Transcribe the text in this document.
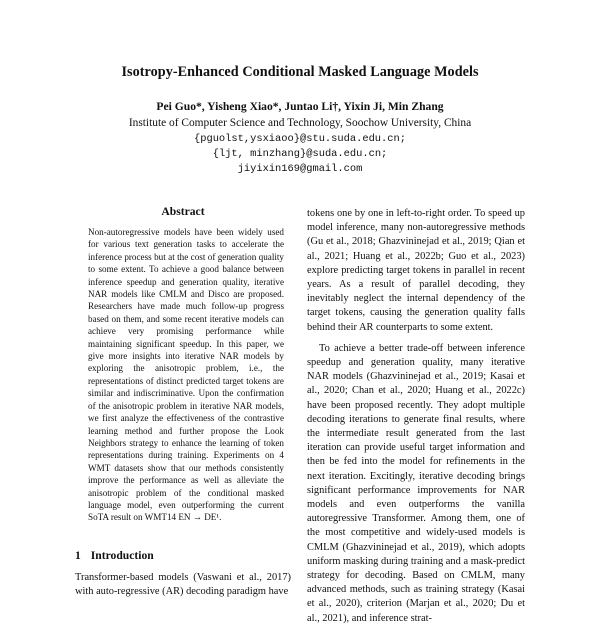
Isotropy-Enhanced Conditional Masked Language Models
Pei Guo*, Yisheng Xiao*, Juntao Li†, Yixin Ji, Min Zhang
Institute of Computer Science and Technology, Soochow University, China
{pguolst,ysxiaoo}@stu.suda.edu.cn;
{ljt, minzhang}@suda.edu.cn;
jiyixin169@gmail.com
Abstract
Non-autoregressive models have been widely used for various text generation tasks to accelerate the inference process but at the cost of generation quality to some extent. To achieve a good balance between inference speedup and generation quality, iterative NAR models like CMLM and Disco are proposed. Researchers have made much follow-up progress based on them, and some recent iterative models can achieve very promising performance while maintaining significant speedup. In this paper, we give more insights into iterative NAR models by exploring the anisotropic problem, i.e., the representations of distinct predicted target tokens are similar and indiscriminative. Upon the confirmation of the anisotropic problem in iterative NAR models, we first analyze the effectiveness of the contrastive learning method and further propose the Look Neighbors strategy to enhance the learning of token representations during training. Experiments on 4 WMT datasets show that our methods consistently improve the performance as well as alleviate the anisotropic problem of the conditional masked language model, even outperforming the current SoTA result on WMT14 EN → DE¹.
1 Introduction
Transformer-based models (Vaswani et al., 2017) with auto-regressive (AR) decoding paradigm have

tokens one by one in left-to-right order. To speed up model inference, many non-autoregressive methods (Gu et al., 2018; Ghazvininejad et al., 2019; Qian et al., 2021; Huang et al., 2022b; Guo et al., 2023) explore predicting target tokens in parallel in recent years. As a result of parallel decoding, they inevitably neglect the internal dependency of the target tokens, causing the generation quality falls behind their AR counterparts to some extent.

To achieve a better trade-off between inference speedup and generation quality, many iterative NAR models (Ghazvininejad et al., 2019; Kasai et al., 2020; Chan et al., 2020; Huang et al., 2022c) have been proposed recently. They adopt multiple decoding iterations to generate final results, where the intermediate result generated from the last iteration can provide useful target information and then be fed into the model for refinements in the next iteration. Excitingly, iterative decoding brings significant performance improvements for NAR models and even outperforms the vanilla autoregressive Transformer. Among them, one of the most competitive and widely-used models is CMLM (Ghazvininejad et al., 2019), which adopts uniform masking during training and a mask-predict strategy for decoding. Based on CMLM, many advanced methods, such as training strategy (Kasai et al., 2020), criterion (Marjan et al., 2020; Du et al., 2021), and inference strat-
